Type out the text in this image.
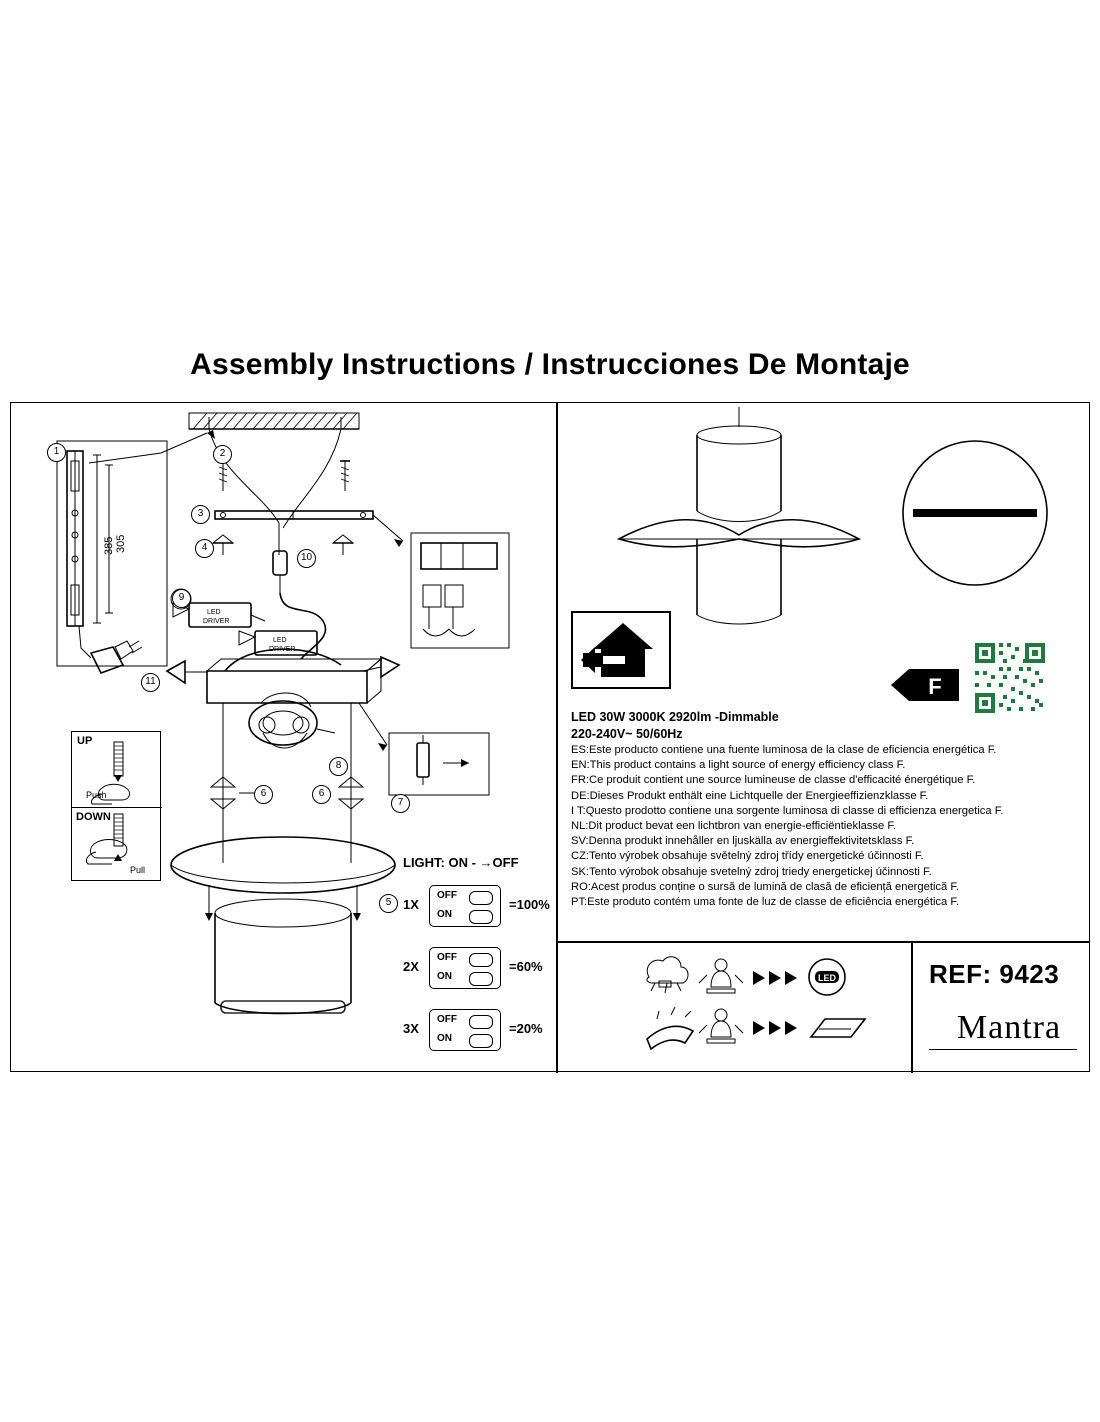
Assembly Instructions / Instrucciones De Montaje
LED
DRIVER
LED
DRIVER
1	2
3
4
10
9
11
8
7
6	6
5
385 305
UP
Push
DOWN
Pull	LIGHT: ON - →OFF
1X
OFF
ON
=100%
2X
OFF
ON
=60%
3X
OFF
ON
=20%
LED 30W 3000K 2920lm -Dimmable
220-240V~ 50/60Hz
ES:Este producto contiene una fuente luminosa de la clase de eficiencia energética F.
EN:This product contains a light source of energy efficiency class F.
FR:Ce produit contient une source lumineuse de classe d'efficacité énergétique F.
DE:Dieses Produkt enthält eine Lichtquelle der Energieeffizienzklasse F.
I T:Questo prodotto contiene una sorgente luminosa di classe di efficienza energetica F.
NL:Dit product bevat een lichtbron van energie-efficiëntieklasse F.
SV:Denna produkt innehåller en ljuskälla av energieffektivitetsklass F.
CZ:Tento výrobek obsahuje světelný zdroj třídy energetické účinnosti F.
SK:Tento výrobok obsahuje svetelný zdroj triedy energetickej účinnosti F.
RO:Acest produs conține o sursă de lumină de clasă de eficiență energetică F.
PT:Este produto contém uma fonte de luz de classe de eficiência energética F.
F
REF: 9423
Mantra
LED
